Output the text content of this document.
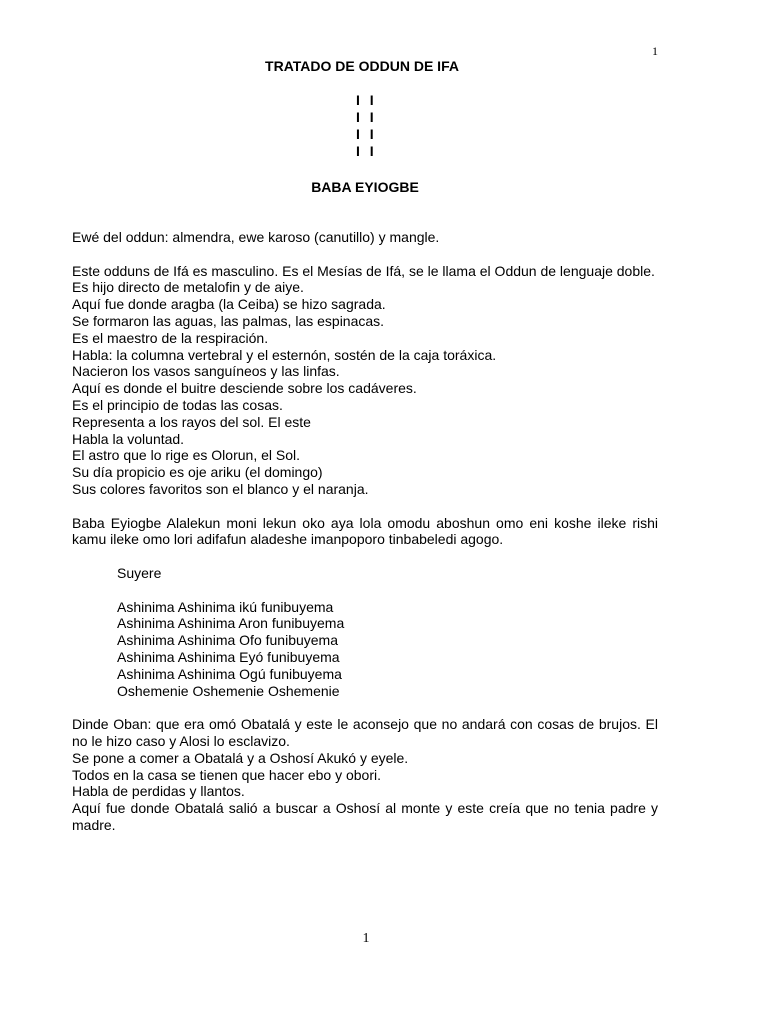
1
TRATADO DE ODDUN DE IFA
I I
I I
I I
I I
BABA EYIOGBE

Ewé del oddun: almendra, ewe karoso (canutillo) y mangle.

Este odduns de Ifá es masculino. Es el Mesías de Ifá, se le llama el Oddun de lenguaje doble.

Es hijo directo de metalofin y de aiye.

Aquí fue donde aragba (la Ceiba) se hizo sagrada.

Se formaron las aguas, las palmas, las espinacas.

Es el maestro de la respiración.

Habla: la columna vertebral y el esternón, sostén de la caja toráxica.

Nacieron los vasos sanguíneos y las linfas.

Aquí es donde el buitre desciende sobre los cadáveres.

Es el principio de todas las cosas.

Representa a los rayos del sol. El este

Habla la voluntad.

El astro que lo rige es Olorun, el Sol.

Su día propicio es oje ariku (el domingo)

Sus colores favoritos son el blanco y el naranja.

Baba Eyiogbe Alalekun moni lekun oko aya lola omodu aboshun omo eni koshe ileke rishi kamu ileke omo lori adifafun aladeshe imanpoporo tinbabeledi agogo.

Suyere

Ashinima Ashinima ikú funibuyema

Ashinima Ashinima Aron funibuyema

Ashinima Ashinima Ofo funibuyema

Ashinima Ashinima Eyó funibuyema

Ashinima Ashinima Ogú funibuyema

Oshemenie Oshemenie Oshemenie

Dinde Oban: que era omó Obatalá y este le aconsejo que no andará con cosas de brujos. El no le hizo caso y Alosi lo esclavizo.

Se pone a comer a Obatalá y a Oshosí Akukó y eyele.

Todos en la casa se tienen que hacer ebo y obori.

Habla de perdidas y llantos.

Aquí fue donde Obatalá salió a buscar a Oshosí al monte y este creía que no tenia padre y madre.

1
